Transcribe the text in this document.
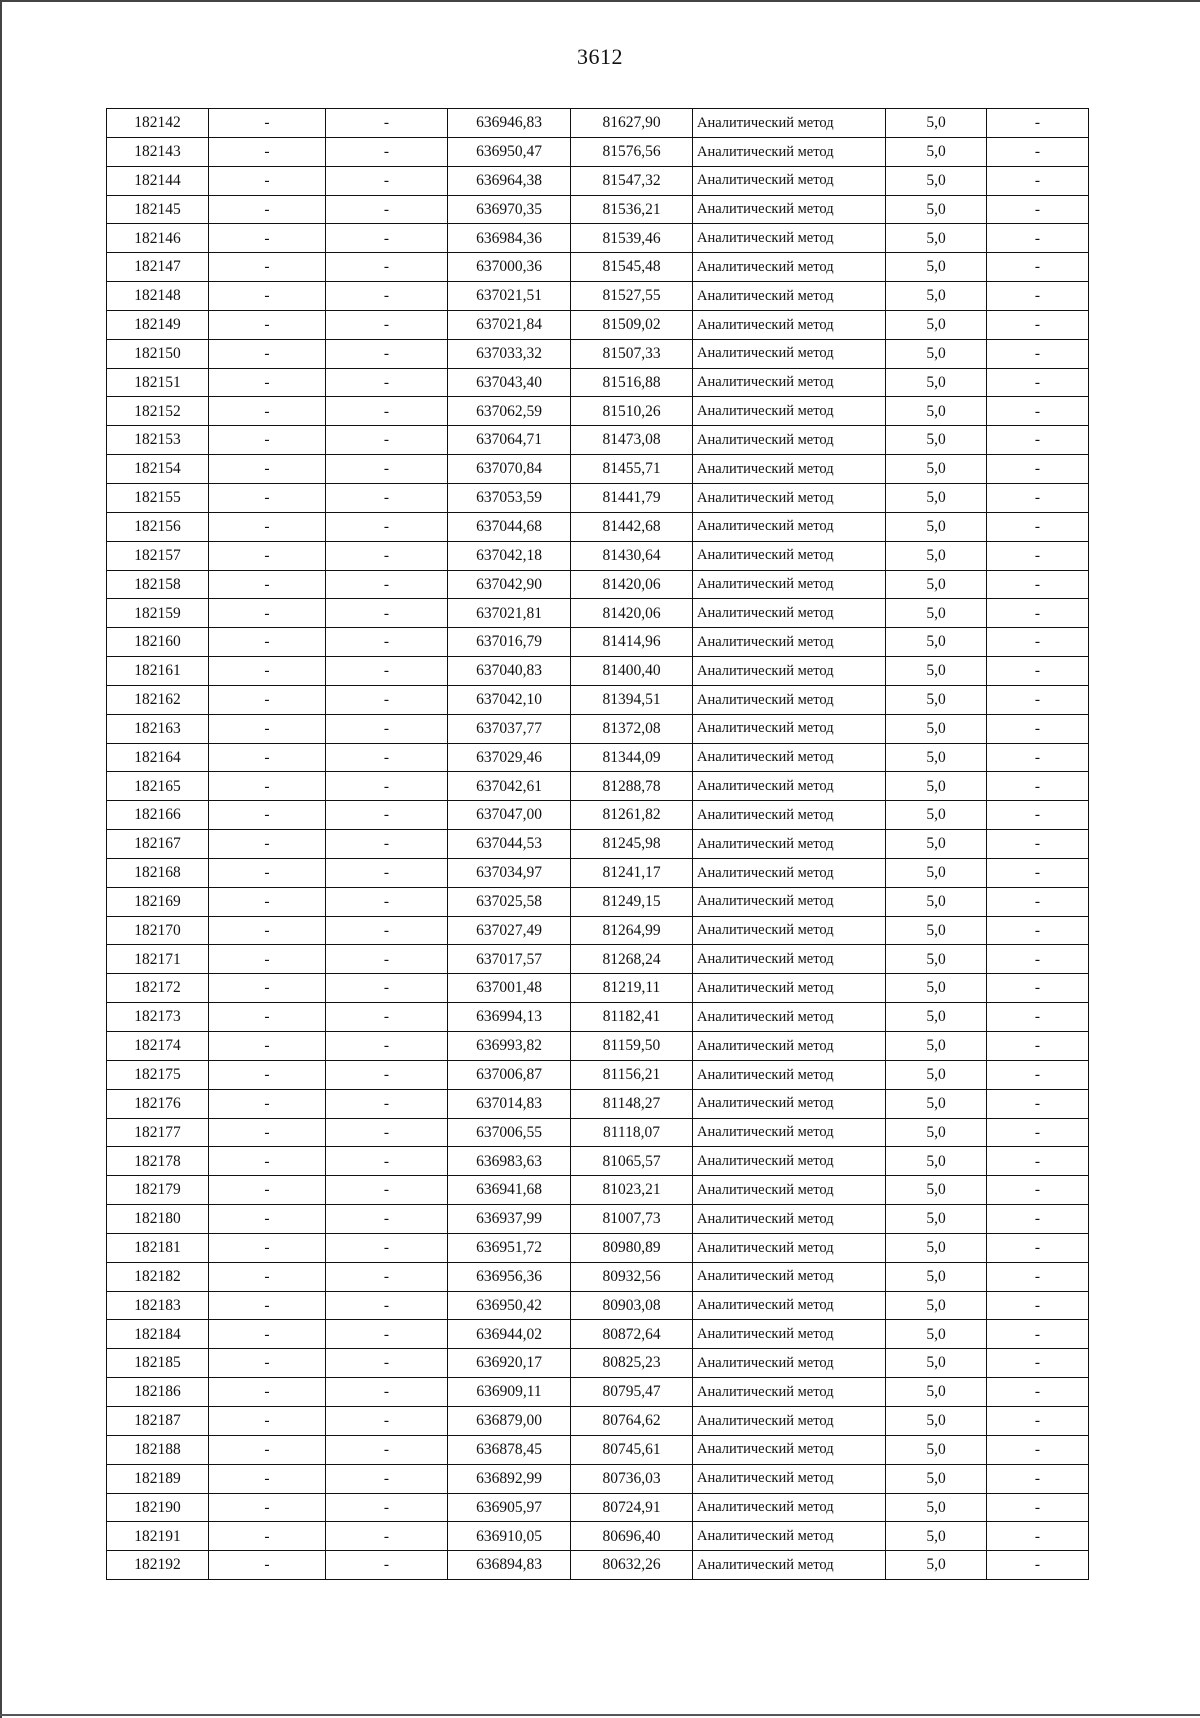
3612
182142	-	-	636946,83	81627,90	Аналитический метод	5,0	-
182143	-	-	636950,47	81576,56	Аналитический метод	5,0	-
182144	-	-	636964,38	81547,32	Аналитический метод	5,0	-
182145	-	-	636970,35	81536,21	Аналитический метод	5,0	-
182146	-	-	636984,36	81539,46	Аналитический метод	5,0	-
182147	-	-	637000,36	81545,48	Аналитический метод	5,0	-
182148	-	-	637021,51	81527,55	Аналитический метод	5,0	-
182149	-	-	637021,84	81509,02	Аналитический метод	5,0	-
182150	-	-	637033,32	81507,33	Аналитический метод	5,0	-
182151	-	-	637043,40	81516,88	Аналитический метод	5,0	-
182152	-	-	637062,59	81510,26	Аналитический метод	5,0	-
182153	-	-	637064,71	81473,08	Аналитический метод	5,0	-
182154	-	-	637070,84	81455,71	Аналитический метод	5,0	-
182155	-	-	637053,59	81441,79	Аналитический метод	5,0	-
182156	-	-	637044,68	81442,68	Аналитический метод	5,0	-
182157	-	-	637042,18	81430,64	Аналитический метод	5,0	-
182158	-	-	637042,90	81420,06	Аналитический метод	5,0	-
182159	-	-	637021,81	81420,06	Аналитический метод	5,0	-
182160	-	-	637016,79	81414,96	Аналитический метод	5,0	-
182161	-	-	637040,83	81400,40	Аналитический метод	5,0	-
182162	-	-	637042,10	81394,51	Аналитический метод	5,0	-
182163	-	-	637037,77	81372,08	Аналитический метод	5,0	-
182164	-	-	637029,46	81344,09	Аналитический метод	5,0	-
182165	-	-	637042,61	81288,78	Аналитический метод	5,0	-
182166	-	-	637047,00	81261,82	Аналитический метод	5,0	-
182167	-	-	637044,53	81245,98	Аналитический метод	5,0	-
182168	-	-	637034,97	81241,17	Аналитический метод	5,0	-
182169	-	-	637025,58	81249,15	Аналитический метод	5,0	-
182170	-	-	637027,49	81264,99	Аналитический метод	5,0	-
182171	-	-	637017,57	81268,24	Аналитический метод	5,0	-
182172	-	-	637001,48	81219,11	Аналитический метод	5,0	-
182173	-	-	636994,13	81182,41	Аналитический метод	5,0	-
182174	-	-	636993,82	81159,50	Аналитический метод	5,0	-
182175	-	-	637006,87	81156,21	Аналитический метод	5,0	-
182176	-	-	637014,83	81148,27	Аналитический метод	5,0	-
182177	-	-	637006,55	81118,07	Аналитический метод	5,0	-
182178	-	-	636983,63	81065,57	Аналитический метод	5,0	-
182179	-	-	636941,68	81023,21	Аналитический метод	5,0	-
182180	-	-	636937,99	81007,73	Аналитический метод	5,0	-
182181	-	-	636951,72	80980,89	Аналитический метод	5,0	-
182182	-	-	636956,36	80932,56	Аналитический метод	5,0	-
182183	-	-	636950,42	80903,08	Аналитический метод	5,0	-
182184	-	-	636944,02	80872,64	Аналитический метод	5,0	-
182185	-	-	636920,17	80825,23	Аналитический метод	5,0	-
182186	-	-	636909,11	80795,47	Аналитический метод	5,0	-
182187	-	-	636879,00	80764,62	Аналитический метод	5,0	-
182188	-	-	636878,45	80745,61	Аналитический метод	5,0	-
182189	-	-	636892,99	80736,03	Аналитический метод	5,0	-
182190	-	-	636905,97	80724,91	Аналитический метод	5,0	-
182191	-	-	636910,05	80696,40	Аналитический метод	5,0	-
182192	-	-	636894,83	80632,26	Аналитический метод	5,0	-
